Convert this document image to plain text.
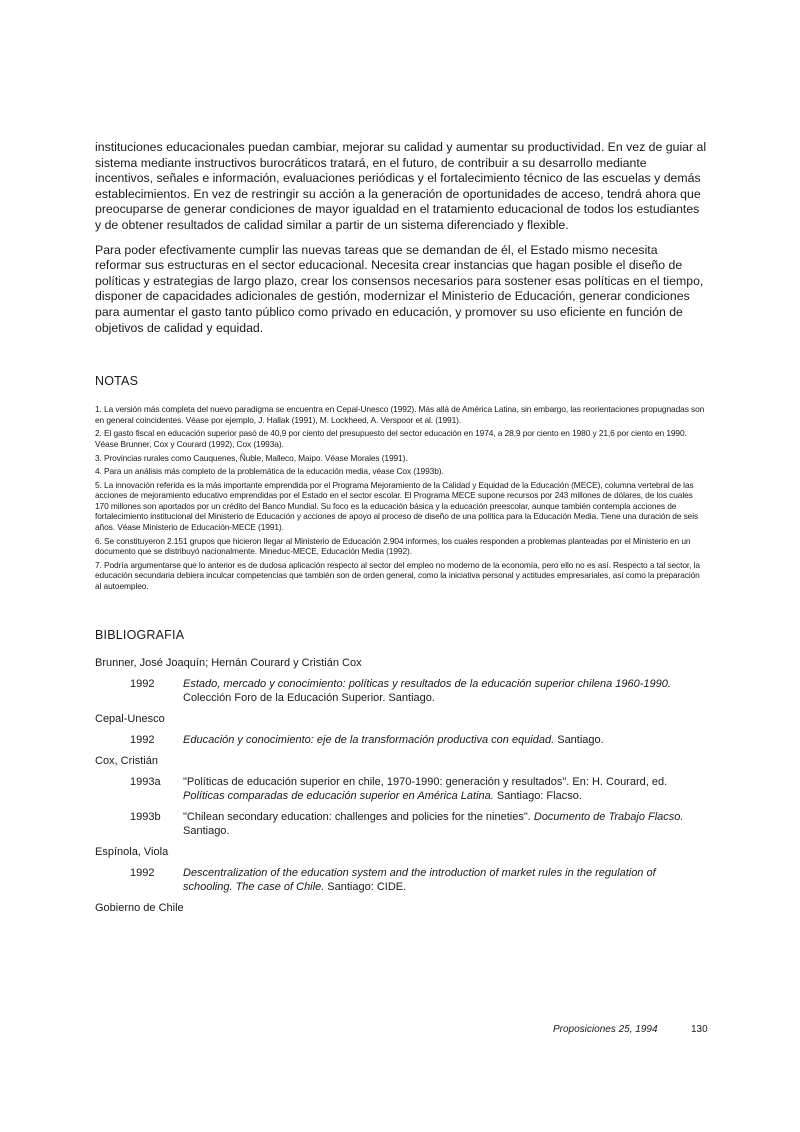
instituciones educacionales puedan cambiar, mejorar su calidad y aumentar su productividad. En vez de guiar al sistema mediante instructivos burocráticos tratará, en el futuro, de contribuir a su desarrollo mediante incentivos, señales e información, evaluaciones periódicas y el fortalecimiento técnico de las escuelas y demás establecimientos. En vez de restringir su acción a la generación de oportunidades de acceso, tendrá ahora que preocuparse de generar condiciones de mayor igualdad en el tratamiento educacional de todos los estudiantes y de obtener resultados de calidad similar a partir de un sistema diferenciado y flexible.

Para poder efectivamente cumplir las nuevas tareas que se demandan de él, el Estado mismo necesita reformar sus estructuras en el sector educacional. Necesita crear instancias que hagan posible el diseño de políticas y estrategias de largo plazo, crear los consensos necesarios para sostener esas políticas en el tiempo, disponer de capacidades adicionales de gestión, modernizar el Ministerio de Educación, generar condiciones para aumentar el gasto tanto público como privado en educación, y promover su uso eficiente en función de objetivos de calidad y equidad.

NOTAS

1. La versión más completa del nuevo paradigma se encuentra en Cepal-Unesco (1992). Más allá de América Latina, sin embargo, las reorientaciones propugnadas son en general coincidentes. Véase por ejemplo, J. Hallak (1991), M. Lockheed, A. Verspoor et al. (1991).

2. El gasto fiscal en educación superior pasó de 40,9 por ciento del presupuesto del sector educación en 1974, a 28,9 por ciento en 1980 y 21,6 por ciento en 1990. Véase Brunner, Cox y Courard (1992), Cox (1993a).

3. Provincias rurales como Cauquenes, Ñuble, Malleco, Maipo. Véase Morales (1991).

4. Para un análisis más completo de la problemática de la educación media, véase Cox (1993b).

5. La innovación referida es la más importante emprendida por el Programa Mejoramiento de la Calidad y Equidad de la Educación (MECE), columna vertebral de las acciones de mejoramiento educativo emprendidas por el Estado en el sector escolar. El Programa MECE supone recursos por 243 millones de dólares, de los cuales 170 millones son aportados por un crédito del Banco Mundial. Su foco es la educación básica y la educación preescolar, aunque también contempla acciones de fortalecimiento institucional del Ministerio de Educación y acciones de apoyo al proceso de diseño de una política para la Educación Media. Tiene una duración de seis años. Véase Ministerio de Educación-MECE (1991).

6. Se constituyeron 2.151 grupos que hicieron llegar al Ministerio de Educación 2.904 informes, los cuales responden a problemas planteadas por el Ministerio en un documento que se distribuyó nacionalmente. Mineduc-MECE, Educación Media (1992).

7. Podría argumentarse que lo anterior es de dudosa aplicación respecto al sector del empleo no moderno de la economía, pero ello no es así. Respecto a tal sector, la educación secundaria debiera inculcar competencias que también son de orden general, como la iniciativa personal y actitudes empresariales, así como la preparación al autoempleo.

BIBLIOGRAFIA
Brunner, José Joaquín; Hernán Courard y Cristián Cox
1992	Estado, mercado y conocimiento: políticas y resultados de la educación superior chilena 1960-1990. Colección Foro de la Educación Superior. Santiago.
Cepal-Unesco
1992	Educación y conocimiento: eje de la transformación productiva con equidad. Santiago.
Cox, Cristián
1993a	"Políticas de educación superior en chile, 1970-1990: generación y resultados". En: H. Courard, ed. Políticas comparadas de educación superior en América Latina. Santiago: Flacso.
1993b	"Chilean secondary education: challenges and policies for the nineties". Documento de Trabajo Flacso. Santiago.
Espínola, Viola
1992	Descentralization of the education system and the introduction of market rules in the regulation of schooling. The case of Chile. Santiago: CIDE.
Gobierno de Chile
Proposiciones 25, 1994	130
